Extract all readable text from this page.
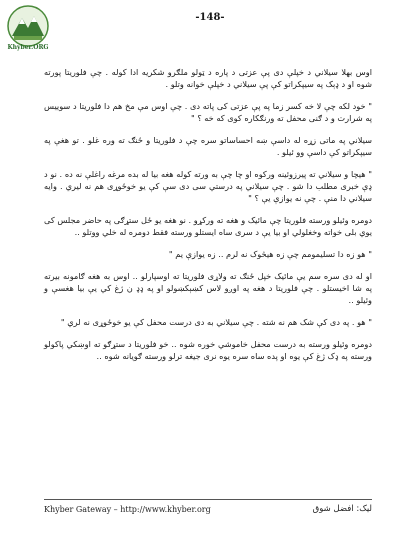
Khyber.ORG
-148-

اوس بهلا سيلاني د خپلې دی پې عزتی د پاره د ټولو ملګرو شکريه ادا کوله . چې فلوريتا پورته شوه او د ډېک په سيپکراتو کې پې سيلاني د خپلې خوانه وتلو .

" خود لکه چې لا خه کسر زما په پې عزتی کی پاته دی . چې اوس مې مخ هم دا فلوريتا د سوييس په شرارت و د ګنی محفل ته ورنګکاره کوی که خه ؟ "

سيلاني په ماتی زړه له داسې ښه احساساتو سره چې د فلوريتا و ځنګ ته وره غلو . تو هغې په سيپکراتو کې داسې وو ئيلو .

" هيچا و سيلاني ته پيرزوئينه ورکوه او چا چې به ورته کوله هغه بيا له بده مرغه راغلې نه ده . نو د ډې خبری مطلب دا شو . چې سيلاني په درستي سی دی سې کې يو خوځوړی هم نه ليري . وايه سيلاني دا منې . چې نه يوازې يې ؟ "

دومره وئيلو ورسته فلوريتا چې مائيک و هغه ته ورکړو . نو هغه يو ځل ستړګی په حاضر مجلس کی يوي بلی خواته وخغلولي او بيا يې د سری ساه ايستلو ورسته فقط دومره له خلي ووتلو ..

" هو زه دا تسليمومم چې زه هيڅوک نه لرم .. زه يوازې يم "

او له دی سره سم يې مائيک خپل ځنګ ته ولاړی فلوريتا ته اوسپارلو .. اوس به هغه ګامونه بيرته په شا اخيستلو . چې فلوريتا د هغه په اوږو لاس کښېکښولو او په ډډ ن ژغ کي يې بيا هغسې و وئيلو ..

" هو . په دی کې شک هم نه شته . چې سيلاني به دی درست محفل کې يو خوځوړی نه لري "

دومره وئيلو ورسته به درست محفل خاموشي خوره شوه .. خو فلوريتا د ستړګو ته اوښکي پاکولو ورسته په ډک ژغ کې يوه او پده ساه سره يوه نری جيغه ترلو ورسته ګويانه شوه ..

Khyber Gateway – http://www.khyber.org	ليک: افضل شوق
